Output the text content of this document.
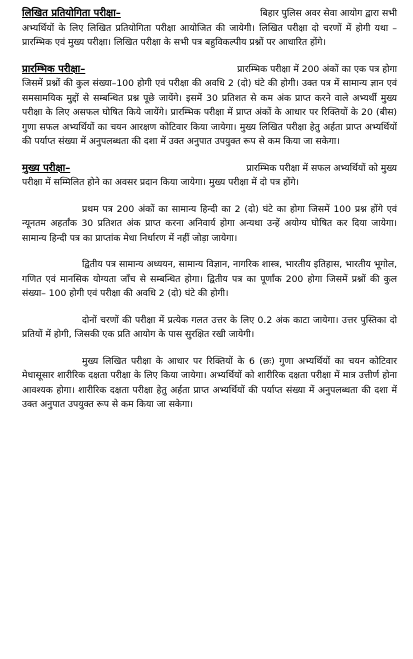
लिखित प्रतियोगिता परीक्षा–	बिहार पुलिस अवर सेवा आयोग द्वारा सभी

अभ्यर्थियों के लिए लिखित प्रतियोगिता परीक्षा आयोजित की जायेगी। लिखित परीक्षा दो चरणों में होगी यथा – प्रारम्भिक एवं मुख्य परीक्षा। लिखित परीक्षा के सभी पत्र बहुविकल्पीय प्रश्नों पर आधारित होंगे।

प्रारम्भिक परीक्षा–	प्रारम्भिक परीक्षा में 200 अंकों का एक पत्र होगा

जिसमें प्रश्नों की कुल संख्या–100 होगी एवं परीक्षा की अवधि 2 (दो) घंटे की होगी। उक्त पत्र में सामान्य ज्ञान एवं समसामयिक मुद्दों से सम्बन्धित प्रश्न पूछे जायेंगे। इसमें 30 प्रतिशत से कम अंक प्राप्त करने वाले अभ्यर्थी मुख्य परीक्षा के लिए असफल घोषित किये जायेंगे। प्रारम्भिक परीक्षा में प्राप्त अंकों के आधार पर रिक्तियों के 20 (बीस) गुणा सफल अभ्यर्थियों का चयन आरक्षण कोटिवार किया जायेगा। मुख्य लिखित परीक्षा हेतु अर्हता प्राप्त अभ्यर्थियों की पर्याप्त संख्या में अनुपलब्धता की दशा में उक्त अनुपात उपयुक्त रूप से कम किया जा सकेगा।

मुख्य परीक्षा–	प्रारम्भिक परीक्षा में सफल अभ्यर्थियों को मुख्य

परीक्षा में सम्मिलित होने का अवसर प्रदान किया जायेगा। मुख्य परीक्षा में दो पत्र होंगे।

प्रथम पत्र 200 अंकों का सामान्य हिन्दी का 2 (दो) घंटे का होगा जिसमें 100 प्रश्न होंगे एवं न्यूनतम अहर्तांक 30 प्रतिशत अंक प्राप्त करना अनिवार्य होगा अन्यथा उन्हें अयोग्य घोषित कर दिया जायेगा। सामान्य हिन्दी पत्र का प्राप्तांक मेधा निर्धारण में नहीं जोड़ा जायेगा।

द्वितीय पत्र सामान्य अध्ययन, सामान्य विज्ञान, नागरिक शास्त्र, भारतीय इतिहास, भारतीय भूगोल, गणित एवं मानसिक योग्यता जाँच से सम्बन्धित होगा। द्वितीय पत्र का पूर्णांक 200 होगा जिसमें प्रश्नों की कुल संख्या– 100 होगी एवं परीक्षा की अवधि 2 (दो) घंटे की होगी।

दोनों चरणों की परीक्षा में प्रत्येक गलत उत्तर के लिए 0.2 अंक काटा जायेगा। उत्तर पुस्तिका दो प्रतियों में होगी, जिसकी एक प्रति आयोग के पास सुरक्षित रखी जायेगी।

मुख्य लिखित परीक्षा के आधार पर रिक्तियों के 6 (छः) गुणा अभ्यर्थियों का चयन कोटिवार मेधासूसार शारीरिक दक्षता परीक्षा के लिए किया जायेगा। अभ्यर्थियों को शारीरिक दक्षता परीक्षा में मात्र उत्तीर्ण होना आवश्यक होगा। शारीरिक दक्षता परीक्षा हेतु अर्हता प्राप्त अभ्यर्थियों की पर्याप्त संख्या में अनुपलब्धता की दशा में उक्त अनुपात उपयुक्त रूप से कम किया जा सकेगा।
